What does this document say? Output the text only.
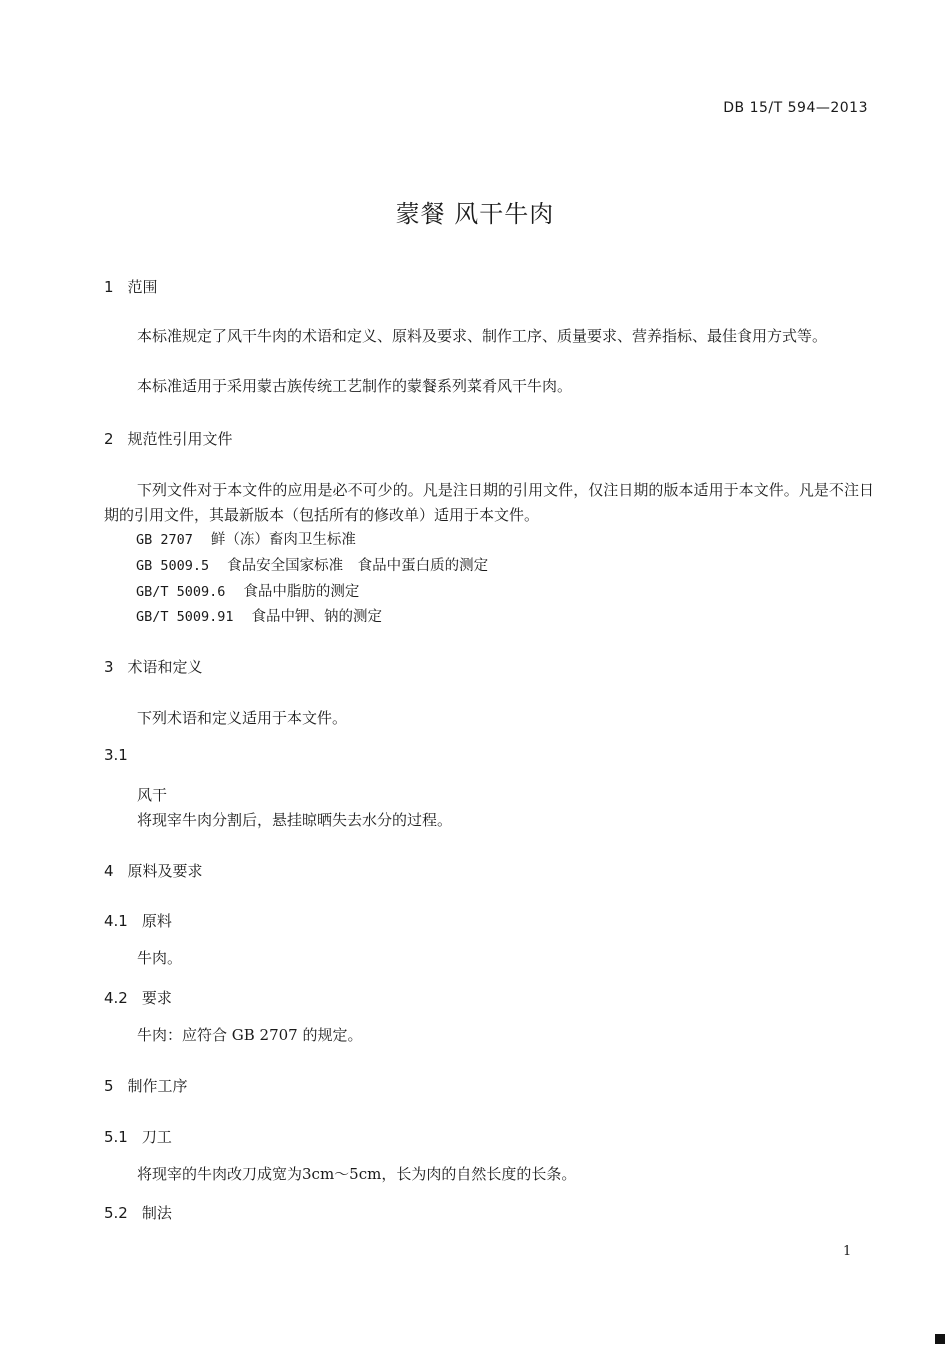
DB 15/T 594—2013
蒙餐 风干牛肉
1 范围
本标准规定了风干牛肉的术语和定义、原料及要求、制作工序、质量要求、营养指标、最佳食用方式等。
本标准适用于采用蒙古族传统工艺制作的蒙餐系列菜肴风干牛肉。
2 规范性引用文件
下列文件对于本文件的应用是必不可少的。凡是注日期的引用文件，仅注日期的版本适用于本文件。凡是不注日期的引用文件，其最新版本（包括所有的修改单）适用于本文件。
GB 2707 鲜（冻）畜肉卫生标准
GB 5009.5 食品安全国家标准　食品中蛋白质的测定
GB/T 5009.6 食品中脂肪的测定
GB/T 5009.91 食品中钾、钠的测定
3 术语和定义
下列术语和定义适用于本文件。
3.1
风干
将现宰牛肉分割后，悬挂晾晒失去水分的过程。
4 原料及要求
4.1 原料
牛肉。
4.2 要求
牛肉：应符合 GB 2707 的规定。
5 制作工序
5.1 刀工
将现宰的牛肉改刀成宽为3cm～5cm，长为肉的自然长度的长条。
5.2 制法
1
